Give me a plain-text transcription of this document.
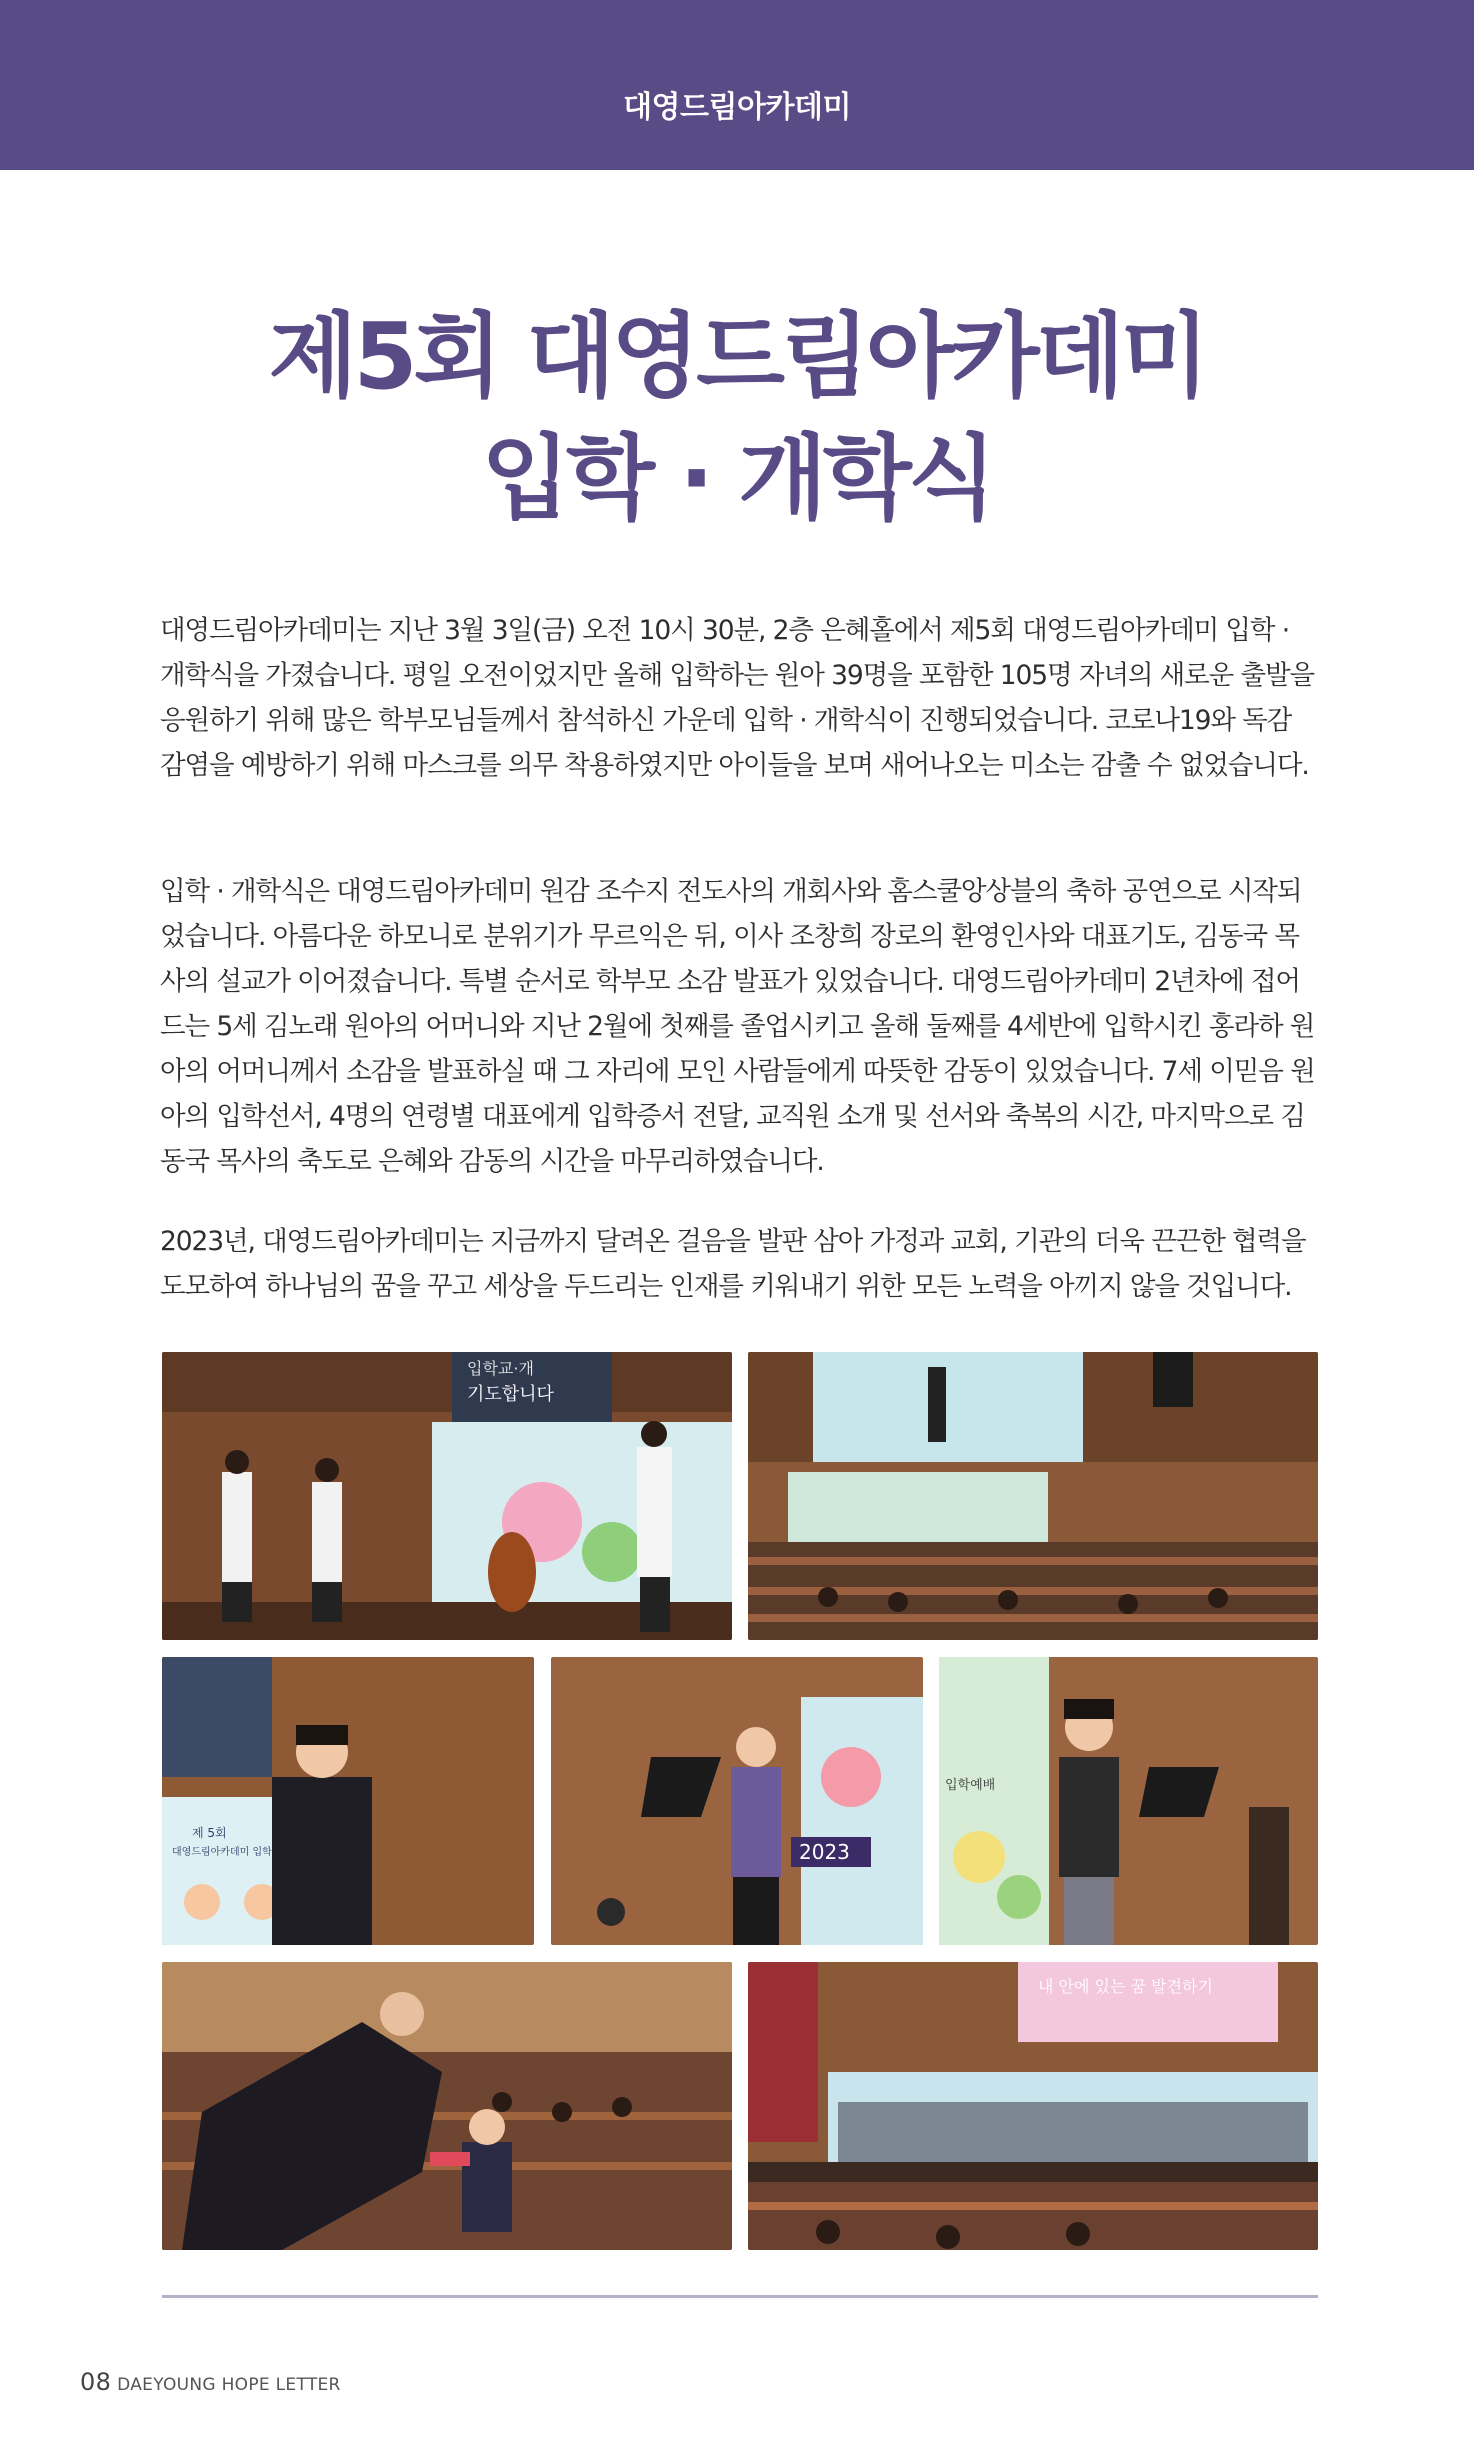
대영드림아카데미
제5회 대영드림아카데미
입학 · 개학식

대영드림아카데미는 지난 3월 3일(금) 오전 10시 30분, 2층 은혜홀에서 제5회 대영드림아카데미 입학 · 개학식을 가졌습니다. 평일 오전이었지만 올해 입학하는 원아 39명을 포함한 105명 자녀의 새로운 출발을 응원하기 위해 많은 학부모님들께서 참석하신 가운데 입학 · 개학식이 진행되었습니다. 코로나19와 독감 감염을 예방하기 위해 마스크를 의무 착용하였지만 아이들을 보며 새어나오는 미소는 감출 수 없었습니다.

입학 · 개학식은 대영드림아카데미 원감 조수지 전도사의 개회사와 홈스쿨앙상블의 축하 공연으로 시작되었습니다. 아름다운 하모니로 분위기가 무르익은 뒤, 이사 조창희 장로의 환영인사와 대표기도, 김동국 목사의 설교가 이어졌습니다. 특별 순서로 학부모 소감 발표가 있었습니다. 대영드림아카데미 2년차에 접어드는 5세 김노래 원아의 어머니와 지난 2월에 첫째를 졸업시키고 올해 둘째를 4세반에 입학시킨 홍라하 원아의 어머니께서 소감을 발표하실 때 그 자리에 모인 사람들에게 따뜻한 감동이 있었습니다. 7세 이믿음 원아의 입학선서, 4명의 연령별 대표에게 입학증서 전달, 교직원 소개 및 선서와 축복의 시간, 마지막으로 김동국 목사의 축도로 은혜와 감동의 시간을 마무리하였습니다.

2023년, 대영드림아카데미는 지금까지 달려온 걸음을 발판 삼아 가정과 교회, 기관의 더욱 끈끈한 협력을 도모하여 하나님의 꿈을 꾸고 세상을 두드리는 인재를 키워내기 위한 모든 노력을 아끼지 않을 것입니다.

입학교·개
기도합니다
제 5회
대영드림아카데미 입학	2023
입학예배
내 안에 있는 꿈 발견하기
08 DAEYOUNG HOPE LETTER
